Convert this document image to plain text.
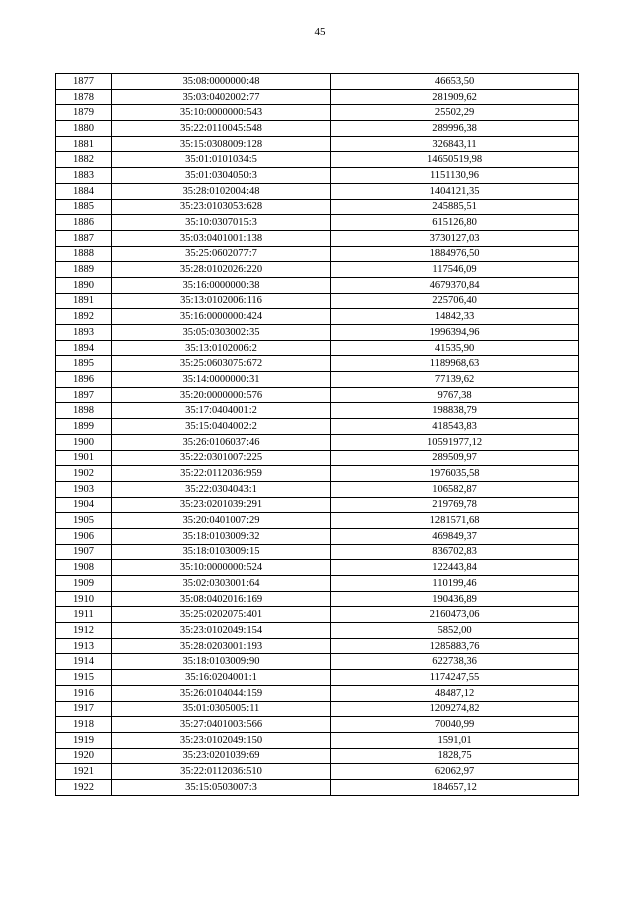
45
1877	35:08:0000000:48	46653,50
1878	35:03:0402002:77	281909,62
1879	35:10:0000000:543	25502,29
1880	35:22:0110045:548	289996,38
1881	35:15:0308009:128	326843,11
1882	35:01:0101034:5	14650519,98
1883	35:01:0304050:3	1151130,96
1884	35:28:0102004:48	1404121,35
1885	35:23:0103053:628	245885,51
1886	35:10:0307015:3	615126,80
1887	35:03:0401001:138	3730127,03
1888	35:25:0602077:7	1884976,50
1889	35:28:0102026:220	117546,09
1890	35:16:0000000:38	4679370,84
1891	35:13:0102006:116	225706,40
1892	35:16:0000000:424	14842,33
1893	35:05:0303002:35	1996394,96
1894	35:13:0102006:2	41535,90
1895	35:25:0603075:672	1189968,63
1896	35:14:0000000:31	77139,62
1897	35:20:0000000:576	9767,38
1898	35:17:0404001:2	198838,79
1899	35:15:0404002:2	418543,83
1900	35:26:0106037:46	10591977,12
1901	35:22:0301007:225	289509,97
1902	35:22:0112036:959	1976035,58
1903	35:22:0304043:1	106582,87
1904	35:23:0201039:291	219769,78
1905	35:20:0401007:29	1281571,68
1906	35:18:0103009:32	469849,37
1907	35:18:0103009:15	836702,83
1908	35:10:0000000:524	122443,84
1909	35:02:0303001:64	110199,46
1910	35:08:0402016:169	190436,89
1911	35:25:0202075:401	2160473,06
1912	35:23:0102049:154	5852,00
1913	35:28:0203001:193	1285883,76
1914	35:18:0103009:90	622738,36
1915	35:16:0204001:1	1174247,55
1916	35:26:0104044:159	48487,12
1917	35:01:0305005:11	1209274,82
1918	35:27:0401003:566	70040,99
1919	35:23:0102049:150	1591,01
1920	35:23:0201039:69	1828,75
1921	35:22:0112036:510	62062,97
1922	35:15:0503007:3	184657,12
